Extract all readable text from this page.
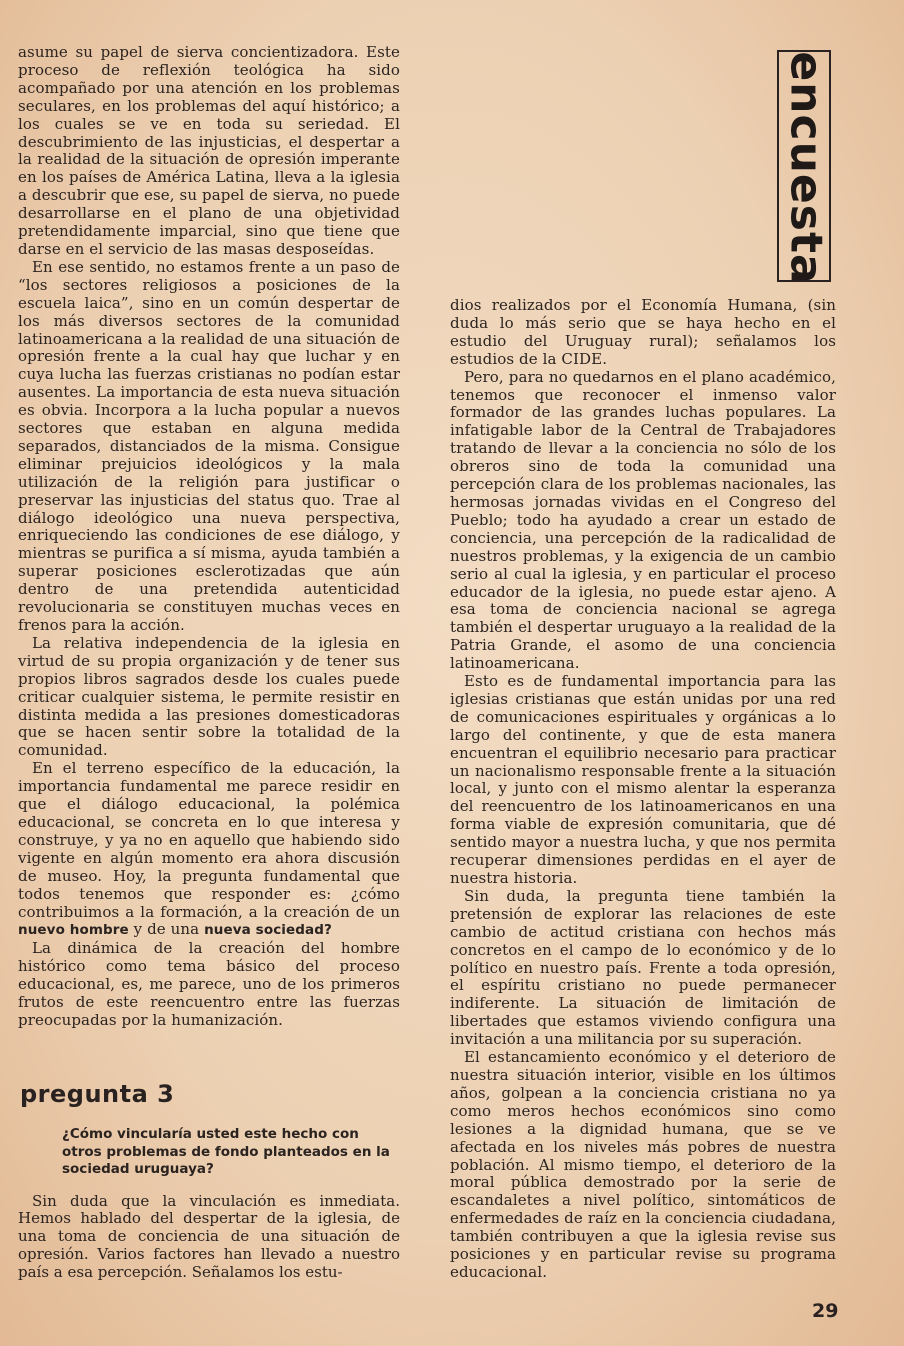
asume su papel de sierva concientizadora. Este proceso de reflexión teológica ha sido acompañado por una atención en los problemas seculares, en los problemas del aquí histórico; a los cuales se ve en toda su seriedad. El descubrimiento de las injusticias, el despertar a la realidad de la situación de opresión imperante en los países de América Latina, lleva a la iglesia a descubrir que ese, su papel de sierva, no puede desarrollarse en el plano de una objetividad pretendidamente imparcial, sino que tiene que darse en el servicio de las masas desposeídas.

En ese sentido, no estamos frente a un paso de “los sectores religiosos a posiciones de la escuela laica”, sino en un común despertar de los más diversos sectores de la comunidad latinoamericana a la realidad de una situación de opresión frente a la cual hay que luchar y en cuya lucha las fuerzas cristianas no podían estar ausentes. La importancia de esta nueva situación es obvia. Incorpora a la lucha popular a nuevos sectores que estaban en alguna medida separados, distanciados de la misma. Consigue eliminar prejuicios ideológicos y la mala utilización de la religión para justificar o preservar las injusticias del status quo. Trae al diálogo ideológico una nueva perspectiva, enriqueciendo las condiciones de ese diálogo, y mientras se purifica a sí misma, ayuda también a superar posiciones esclerotizadas que aún dentro de una pretendida autenticidad revolucionaria se constituyen muchas veces en frenos para la acción.

La relativa independencia de la iglesia en virtud de su propia organización y de tener sus propios libros sagrados desde los cuales puede criticar cualquier sistema, le permite resistir en distinta medida a las presiones domesticadoras que se hacen sentir sobre la totalidad de la comunidad.

En el terreno específico de la educación, la importancia fundamental me parece residir en que el diálogo educacional, la polémica educacional, se concreta en lo que interesa y construye, y ya no en aquello que habiendo sido vigente en algún momento era ahora discusión de museo. Hoy, la pregunta fundamental que todos tenemos que responder es: ¿cómo contribuimos a la formación, a la creación de un nuevo hombre y de una nueva sociedad?

La dinámica de la creación del hombre histórico como tema básico del proceso educacional, es, me parece, uno de los primeros frutos de este reencuentro entre las fuerzas preocupadas por la humanización.

pregunta 3
¿Cómo vincularía usted este hecho con otros problemas de fondo planteados en la sociedad uruguaya?

Sin duda que la vinculación es inmediata. Hemos hablado del despertar de la iglesia, de una toma de conciencia de una situación de opresión. Varios factores han llevado a nuestro país a esa percepción. Señalamos los estu-

encuesta

dios realizados por el Economía Humana, (sin duda lo más serio que se haya hecho en el estudio del Uruguay rural); señalamos los estudios de la CIDE.

Pero, para no quedarnos en el plano académico, tenemos que reconocer el inmenso valor formador de las grandes luchas populares. La infatigable labor de la Central de Trabajadores tratando de llevar a la conciencia no sólo de los obreros sino de toda la comunidad una percepción clara de los problemas nacionales, las hermosas jornadas vividas en el Congreso del Pueblo; todo ha ayudado a crear un estado de conciencia, una percepción de la radicalidad de nuestros problemas, y la exigencia de un cambio serio al cual la iglesia, y en particular el proceso educador de la iglesia, no puede estar ajeno. A esa toma de conciencia nacional se agrega también el despertar uruguayo a la realidad de la Patria Grande, el asomo de una conciencia latinoamericana.

Esto es de fundamental importancia para las iglesias cristianas que están unidas por una red de comunicaciones espirituales y orgánicas a lo largo del continente, y que de esta manera encuentran el equilibrio necesario para practicar un nacionalismo responsable frente a la situación local, y junto con el mismo alentar la esperanza del reencuentro de los latinoamericanos en una forma viable de expresión comunitaria, que dé sentido mayor a nuestra lucha, y que nos permita recuperar dimensiones perdidas en el ayer de nuestra historia.

Sin duda, la pregunta tiene también la pretensión de explorar las relaciones de este cambio de actitud cristiana con hechos más concretos en el campo de lo económico y de lo político en nuestro país. Frente a toda opresión, el espíritu cristiano no puede permanecer indiferente. La situación de limitación de libertades que estamos viviendo configura una invitación a una militancia por su superación.

El estancamiento económico y el deterioro de nuestra situación interior, visible en los últimos años, golpean a la conciencia cristiana no ya como meros hechos económicos sino como lesiones a la dignidad humana, que se ve afectada en los niveles más pobres de nuestra población. Al mismo tiempo, el deterioro de la moral pública demostrado por la serie de escandaletes a nivel político, sintomáticos de enfermedades de raíz en la conciencia ciudadana, también contribuyen a que la iglesia revise sus posiciones y en particular revise su programa educacional.

29
